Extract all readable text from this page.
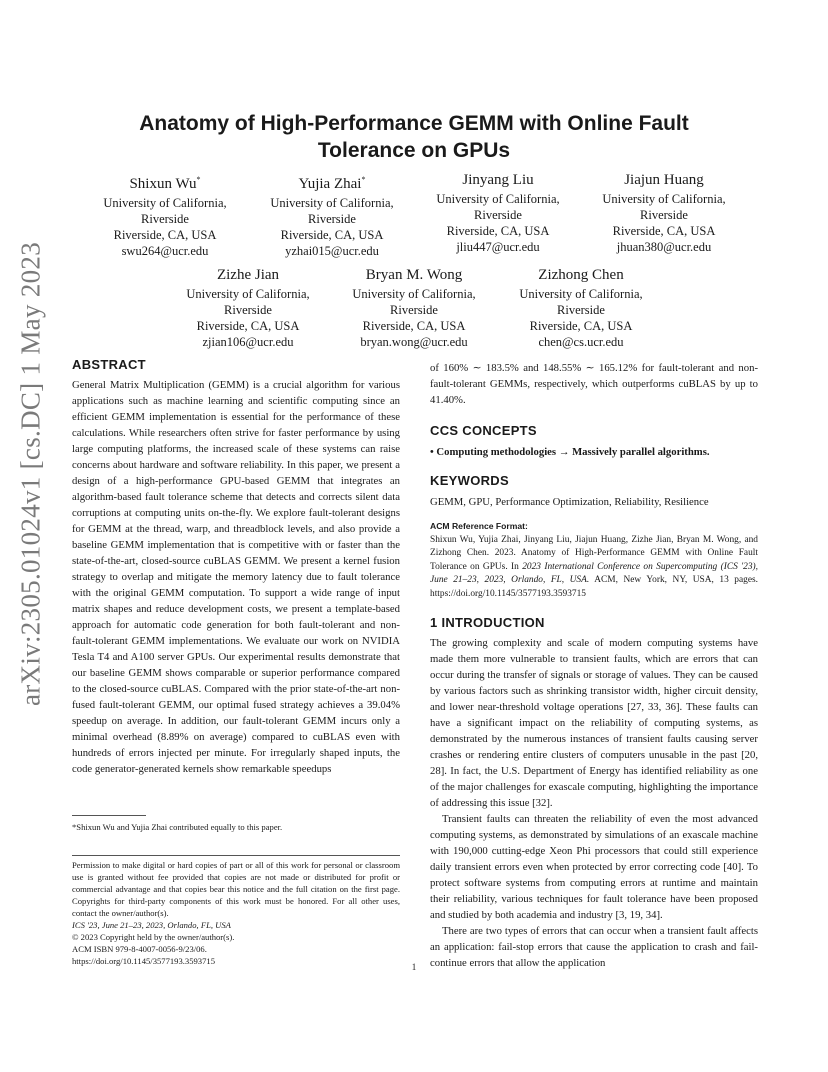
arXiv:2305.01024v1 [cs.DC] 1 May 2023
Anatomy of High-Performance GEMM with Online Fault
Tolerance on GPUs
Shixun Wu*
University of California,
Riverside
Riverside, CA, USA
swu264@ucr.edu
Yujia Zhai*
University of California,
Riverside
Riverside, CA, USA
yzhai015@ucr.edu
Jinyang Liu
University of California,
Riverside
Riverside, CA, USA
jliu447@ucr.edu
Jiajun Huang
University of California,
Riverside
Riverside, CA, USA
jhuan380@ucr.edu
Zizhe Jian
University of California,
Riverside
Riverside, CA, USA
zjian106@ucr.edu
Bryan M. Wong
University of California,
Riverside
Riverside, CA, USA
bryan.wong@ucr.edu
Zizhong Chen
University of California,
Riverside
Riverside, CA, USA
chen@cs.ucr.edu
ABSTRACT

General Matrix Multiplication (GEMM) is a crucial algorithm for various applications such as machine learning and scientific computing since an efficient GEMM implementation is essential for the performance of these calculations. While researchers often strive for faster performance by using large computing platforms, the increased scale of these systems can raise concerns about hardware and software reliability. In this paper, we present a design of a high-performance GPU-based GEMM that integrates an algorithm-based fault tolerance scheme that detects and corrects silent data corruptions at computing units on-the-fly. We explore fault-tolerant designs for GEMM at the thread, warp, and threadblock levels, and also provide a baseline GEMM implementation that is competitive with or faster than the state-of-the-art, closed-source cuBLAS GEMM. We present a kernel fusion strategy to overlap and mitigate the memory latency due to fault tolerance with the original GEMM computation. To support a wide range of input matrix shapes and reduce development costs, we present a template-based approach for automatic code generation for both fault-tolerant and non-fault-tolerant GEMM implementations. We evaluate our work on NVIDIA Tesla T4 and A100 server GPUs. Our experimental results demonstrate that our baseline GEMM shows comparable or superior performance compared to the closed-source cuBLAS. Compared with the prior state-of-the-art non-fused fault-tolerant GEMM, our optimal fused strategy achieves a 39.04% speedup on average. In addition, our fault-tolerant GEMM incurs only a minimal overhead (8.89% on average) compared to cuBLAS even with hundreds of errors injected per minute. For irregularly shaped inputs, the code generator-generated kernels show remarkable speedups

*Shixun Wu and Yujia Zhai contributed equally to this paper.

Permission to make digital or hard copies of part or all of this work for personal or classroom use is granted without fee provided that copies are not made or distributed for profit or commercial advantage and that copies bear this notice and the full citation on the first page. Copyrights for third-party components of this work must be honored. For all other uses, contact the owner/author(s).

ICS '23, June 21–23, 2023, Orlando, FL, USA

© 2023 Copyright held by the owner/author(s).

ACM ISBN 979-8-4007-0056-9/23/06.

https://doi.org/10.1145/3577193.3593715

of 160% ∼ 183.5% and 148.55% ∼ 165.12% for fault-tolerant and non-fault-tolerant GEMMs, respectively, which outperforms cuBLAS by up to 41.40%.

CCS CONCEPTS

• Computing methodologies → Massively parallel algorithms.

KEYWORDS

GEMM, GPU, Performance Optimization, Reliability, Resilience

ACM Reference Format:

Shixun Wu, Yujia Zhai, Jinyang Liu, Jiajun Huang, Zizhe Jian, Bryan M. Wong, and Zizhong Chen. 2023. Anatomy of High-Performance GEMM with Online Fault Tolerance on GPUs. In 2023 International Conference on Supercomputing (ICS '23), June 21–23, 2023, Orlando, FL, USA. ACM, New York, NY, USA, 13 pages. https://doi.org/10.1145/3577193.3593715

1 INTRODUCTION

The growing complexity and scale of modern computing systems have made them more vulnerable to transient faults, which are errors that can occur during the transfer of signals or storage of values. They can be caused by various factors such as shrinking transistor width, higher circuit density, and lower near-threshold voltage operations [27, 33, 36]. These faults can have a significant impact on the reliability of computing systems, as demonstrated by the numerous instances of transient faults causing server crashes or rendering entire clusters of computers unusable in the past [20, 28]. In fact, the U.S. Department of Energy has identified reliability as one of the major challenges for exascale computing, highlighting the importance of addressing this issue [32].

Transient faults can threaten the reliability of even the most advanced computing systems, as demonstrated by simulations of an exascale machine with 190,000 cutting-edge Xeon Phi processors that could still experience daily transient errors even when protected by error correcting code [40]. To protect software systems from computing errors at runtime and maintain their reliability, various techniques for fault tolerance have been proposed and studied by both academia and industry [3, 19, 34].

There are two types of errors that can occur when a transient fault affects an application: fail-stop errors that cause the application to crash and fail-continue errors that allow the application

1
